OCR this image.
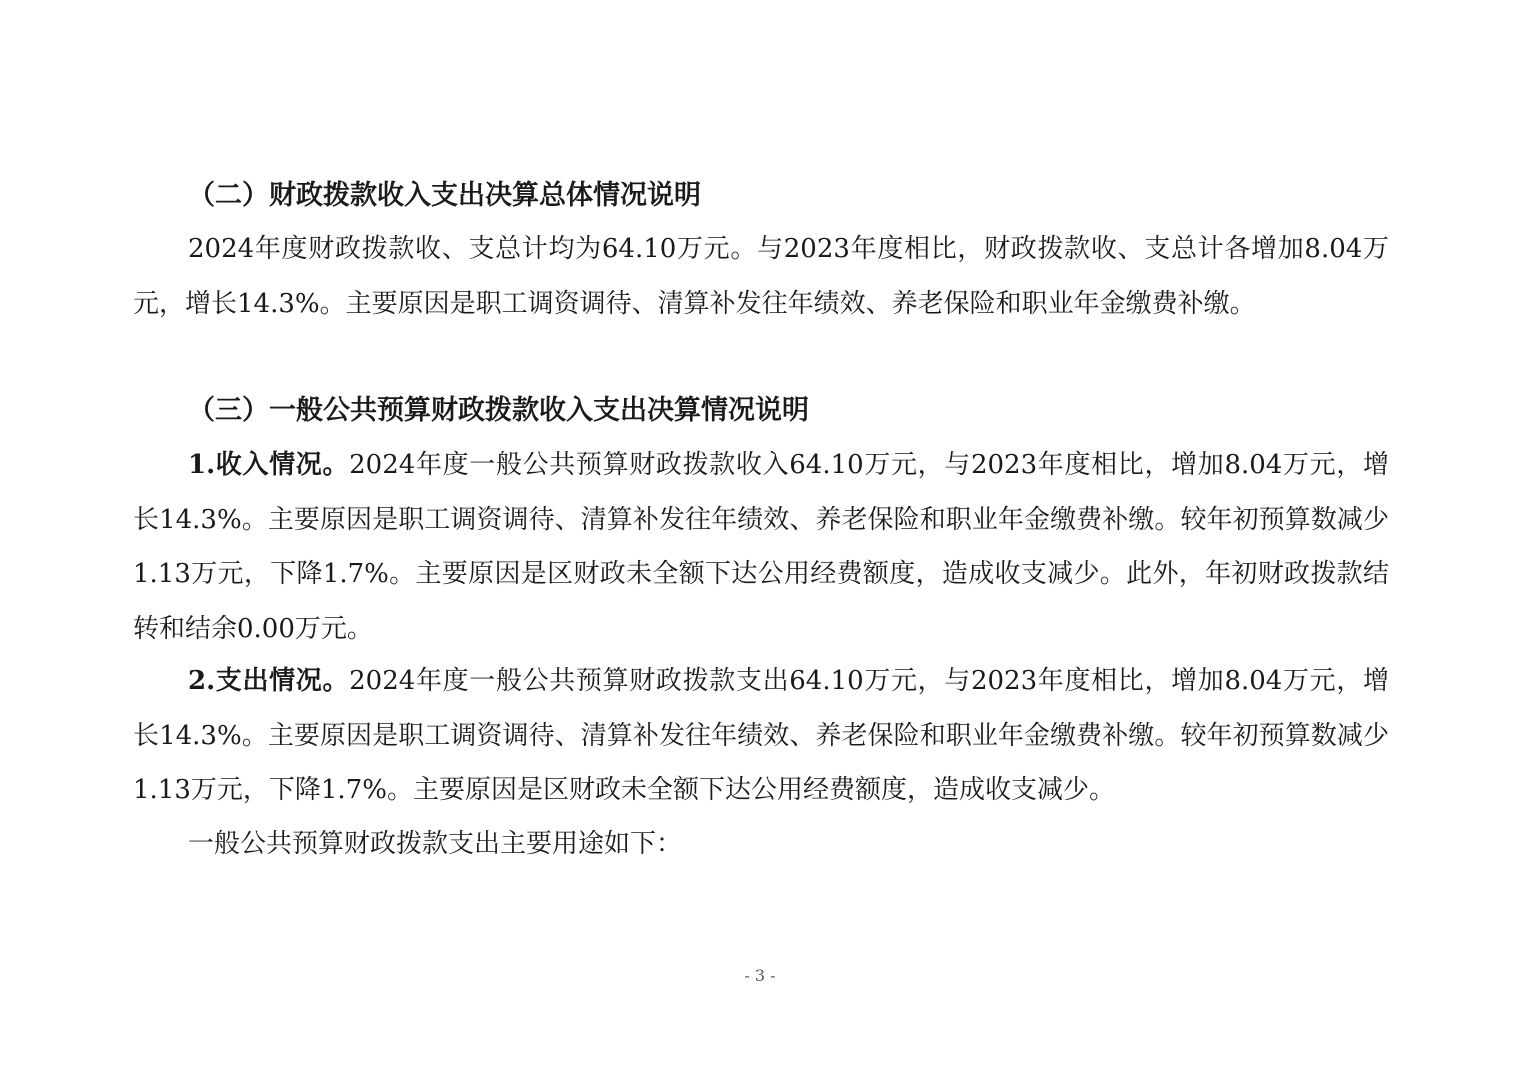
（二）财政拨款收入支出决算总体情况说明
2024年度财政拨款收、支总计均为64.10万元。与2023年度相比，财政拨款收、支总计各增加8.04万元，增长14.3%。主要原因是职工调资调待、清算补发往年绩效、养老保险和职业年金缴费补缴。
（三）一般公共预算财政拨款收入支出决算情况说明
1.收入情况。2024年度一般公共预算财政拨款收入64.10万元，与2023年度相比，增加8.04万元，增长14.3%。主要原因是职工调资调待、清算补发往年绩效、养老保险和职业年金缴费补缴。较年初预算数减少1.13万元，下降1.7%。主要原因是区财政未全额下达公用经费额度，造成收支减少。此外，年初财政拨款结转和结余0.00万元。
2.支出情况。2024年度一般公共预算财政拨款支出64.10万元，与2023年度相比，增加8.04万元，增长14.3%。主要原因是职工调资调待、清算补发往年绩效、养老保险和职业年金缴费补缴。较年初预算数减少1.13万元，下降1.7%。主要原因是区财政未全额下达公用经费额度，造成收支减少。
一般公共预算财政拨款支出主要用途如下：
- 3 -
